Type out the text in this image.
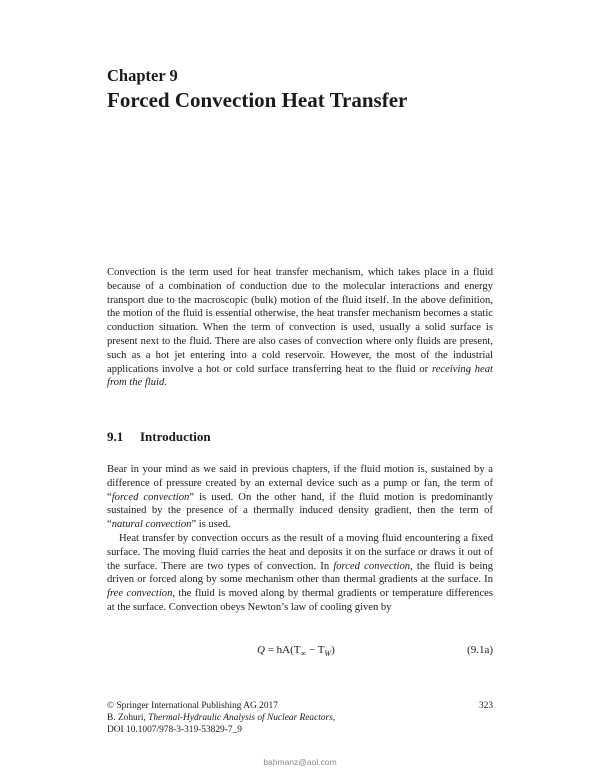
Chapter 9
Forced Convection Heat Transfer

Convection is the term used for heat transfer mechanism, which takes place in a fluid because of a combination of conduction due to the molecular interactions and energy transport due to the macroscopic (bulk) motion of the fluid itself. In the above definition, the motion of the fluid is essential otherwise, the heat transfer mechanism becomes a static conduction situation. When the term of convection is used, usually a solid surface is present next to the fluid. There are also cases of convection where only fluids are present, such as a hot jet entering into a cold reservoir. However, the most of the industrial applications involve a hot or cold surface transferring heat to the fluid or receiving heat from the fluid.

9.1 Introduction

Bear in your mind as we said in previous chapters, if the fluid motion is, sustained by a difference of pressure created by an external device such as a pump or fan, the term of “forced convection” is used. On the other hand, if the fluid motion is predominantly sustained by the presence of a thermally induced density gradient, then the term of “natural convection” is used.

Heat transfer by convection occurs as the result of a moving fluid encountering a fixed surface. The moving fluid carries the heat and deposits it on the surface or draws it out of the surface. There are two types of convection. In forced convection, the fluid is being driven or forced along by some mechanism other than thermal gradients at the surface. In free convection, the fluid is moved along by thermal gradients or temperature differences at the surface. Convection obeys Newton’s law of cooling given by

$Q = hA(T_\infty - T_W)$	(9.1a)
© Springer International Publishing AG 2017
B. Zohuri, Thermal-Hydraulic Analysis of Nuclear Reactors,
DOI 10.1007/978-3-319-53829-7_9
323
bahmanz@aol.com
